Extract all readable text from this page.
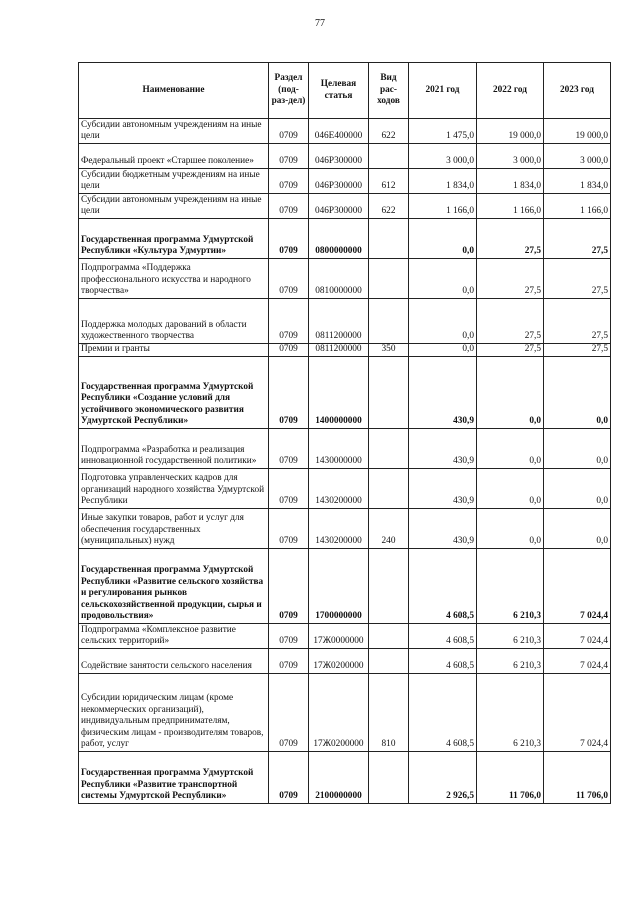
77
Наименование	Раздел (под-раз-дел)	Целевая статья	Вид рас-ходов	2021 год	2022 год	2023 год
Субсидии автономным учреждениям на иные цели	0709	046E400000	622	1 475,0	19 000,0	19 000,0
Федеральный проект «Старшее поколение»	0709	046P300000		3 000,0	3 000,0	3 000,0
Субсидии бюджетным учреждениям на иные цели	0709	046P300000	612	1 834,0	1 834,0	1 834,0
Субсидии автономным учреждениям на иные цели	0709	046P300000	622	1 166,0	1 166,0	1 166,0
Государственная программа Удмуртской Республики «Культура Удмуртии»	0709	0800000000		0,0	27,5	27,5
Подпрограмма «Поддержка профессионального искусства и народного творчества»	0709	0810000000		0,0	27,5	27,5
Поддержка молодых дарований в области художественного творчества	0709	0811200000		0,0	27,5	27,5
Премии и гранты	0709	0811200000	350	0,0	27,5	27,5
Государственная программа Удмуртской Республики «Создание условий для устойчивого экономического развития Удмуртской Республики»	0709	1400000000		430,9	0,0	0,0
Подпрограмма «Разработка и реализация инновационной государственной политики»	0709	1430000000		430,9	0,0	0,0
Подготовка управленческих кадров для организаций народного хозяйства Удмуртской Республики	0709	1430200000		430,9	0,0	0,0
Иные закупки товаров, работ и услуг для обеспечения государственных (муниципальных) нужд	0709	1430200000	240	430,9	0,0	0,0
Государственная программа Удмуртской Республики «Развитие сельского хозяйства и регулирования рынков сельскохозяйственной продукции, сырья и продовольствия»	0709	1700000000		4 608,5	6 210,3	7 024,4
Подпрограмма «Комплексное развитие сельских территорий»	0709	17Ж0000000		4 608,5	6 210,3	7 024,4
Содействие занятости сельского населения	0709	17Ж0200000		4 608,5	6 210,3	7 024,4
Субсидии юридическим лицам (кроме некоммерческих организаций), индивидуальным предпринимателям, физическим лицам - производителям товаров, работ, услуг	0709	17Ж0200000	810	4 608,5	6 210,3	7 024,4
Государственная программа Удмуртской Республики «Развитие транспортной системы Удмуртской Республики»	0709	2100000000		2 926,5	11 706,0	11 706,0
